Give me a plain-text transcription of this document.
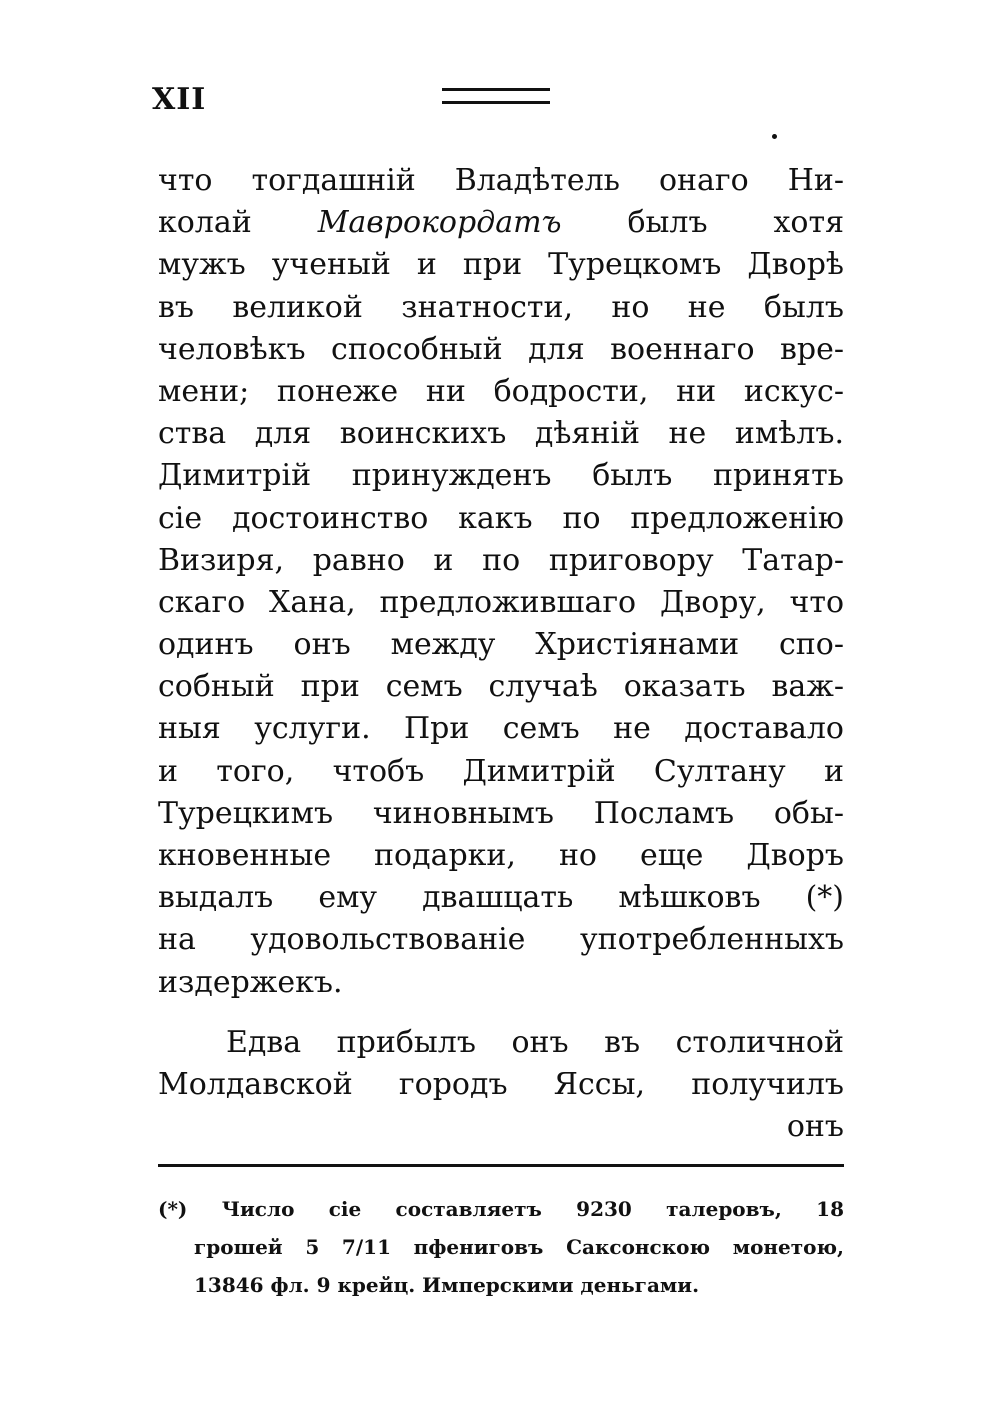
XII
что тогдашній Владѣтель онаго Ни-
колай Маврокордатъ былъ хотя
мужъ ученый и при Турецкомъ Дворѣ
въ великой знатности, но не былъ
человѣкъ способный для военнаго вре-
мени; понеже ни бодрости, ни искус-
ства для воинскихъ дѣяній не имѣлъ.
Димитрій принужденъ былъ принять
сіе достоинство какъ по предложенію
Визиря, равно и по приговору Татар-
скаго Хана, предложившаго Двору, что
одинъ онъ между Христіянами спо-
собный при семъ случаѣ оказать важ-
ныя услуги. При семъ не доставало
и того, чтобъ Димитрій Султану и
Турецкимъ чиновнымъ Посламъ обы-
кновенные подарки, но еще Дворъ
выдалъ ему двашцать мѣшковъ (*)
на удовольствованіе употребленныхъ
издержекъ.
Едва прибылъ онъ въ столичной
Молдавской городъ Яссы, получилъ
онъ
(*) Число сіе составляетъ 9230 талеровъ, 18
грошей 5 7/11 пфениговъ Саксонскою монетою,
13846 фл. 9 крейц. Имперскими деньгами.
